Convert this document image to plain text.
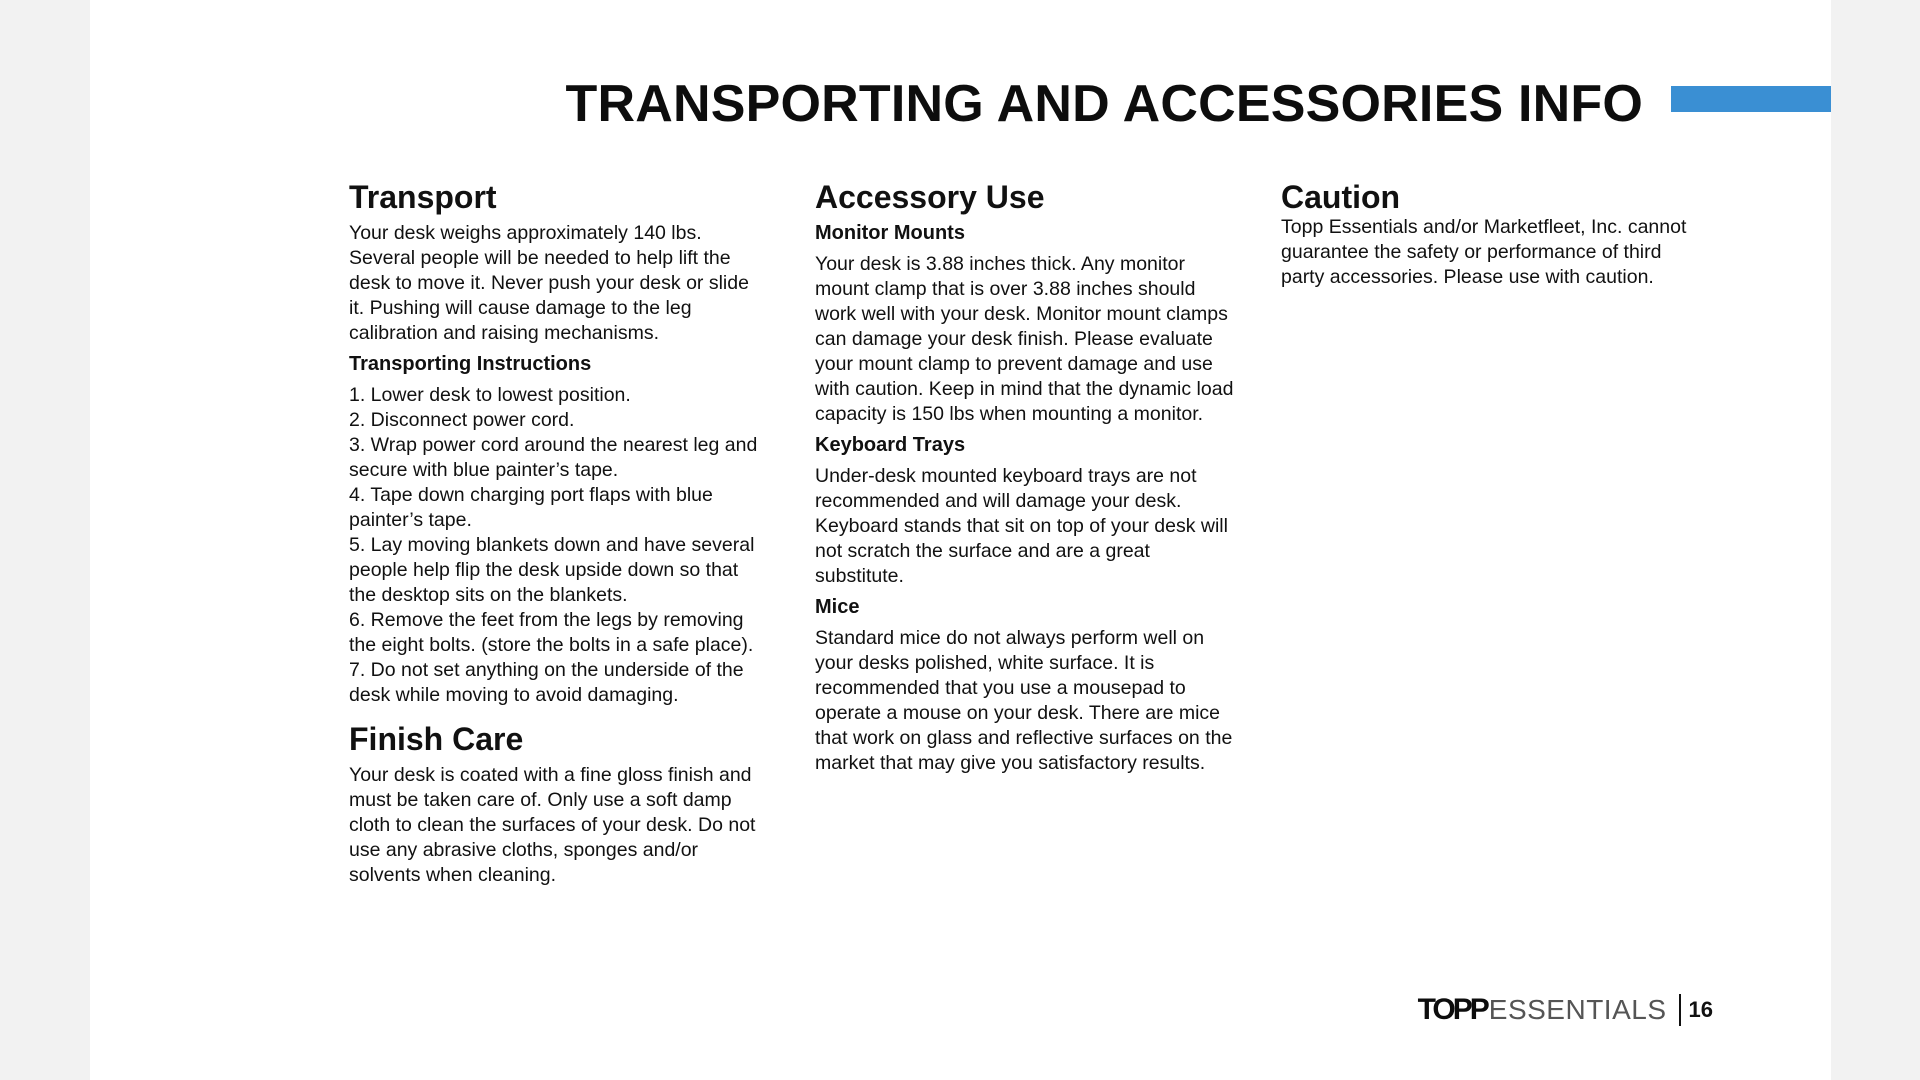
TRANSPORTING AND ACCESSORIES INFO
Transport

Your desk weighs approximately 140 lbs. Several people will be needed to help lift the desk to move it. Never push your desk or slide it. Pushing will cause damage to the leg calibration and raising mechanisms.

Transporting Instructions
1. Lower desk to lowest position.
2. Disconnect power cord.
3. Wrap power cord around the nearest leg and secure with blue painter’s tape.
4. Tape down charging port flaps with blue painter’s tape.
5. Lay moving blankets down and have several people help flip the desk upside down so that the desktop sits on the blankets.
6. Remove the feet from the legs by removing the eight bolts. (store the bolts in a safe place).
7. Do not set anything on the underside of the desk while moving to avoid damaging.
Finish Care

Your desk is coated with a fine gloss finish and must be taken care of. Only use a soft damp cloth to clean the surfaces of your desk. Do not use any abrasive cloths, sponges and/or solvents when cleaning.

Accessory Use
Monitor Mounts

Your desk is 3.88 inches thick. Any monitor mount clamp that is over 3.88 inches should work well with your desk. Monitor mount clamps can damage your desk finish. Please evaluate your mount clamp to prevent damage and use with caution. Keep in mind that the dynamic load capacity is 150 lbs when mounting a monitor.

Keyboard Trays

Under-desk mounted keyboard trays are not recommended and will damage your desk. Keyboard stands that sit on top of your desk will not scratch the surface and are a great substitute.

Mice

Standard mice do not always perform well on your desks polished, white surface. It is recommended that you use a mousepad to operate a mouse on your desk. There are mice that work on glass and reflective surfaces on the market that may give you satisfactory results.

Caution

Topp Essentials and/or Marketfleet, Inc. cannot guarantee the safety or performance of third party accessories. Please use with caution.

TOPP ESSENTIALS 16
